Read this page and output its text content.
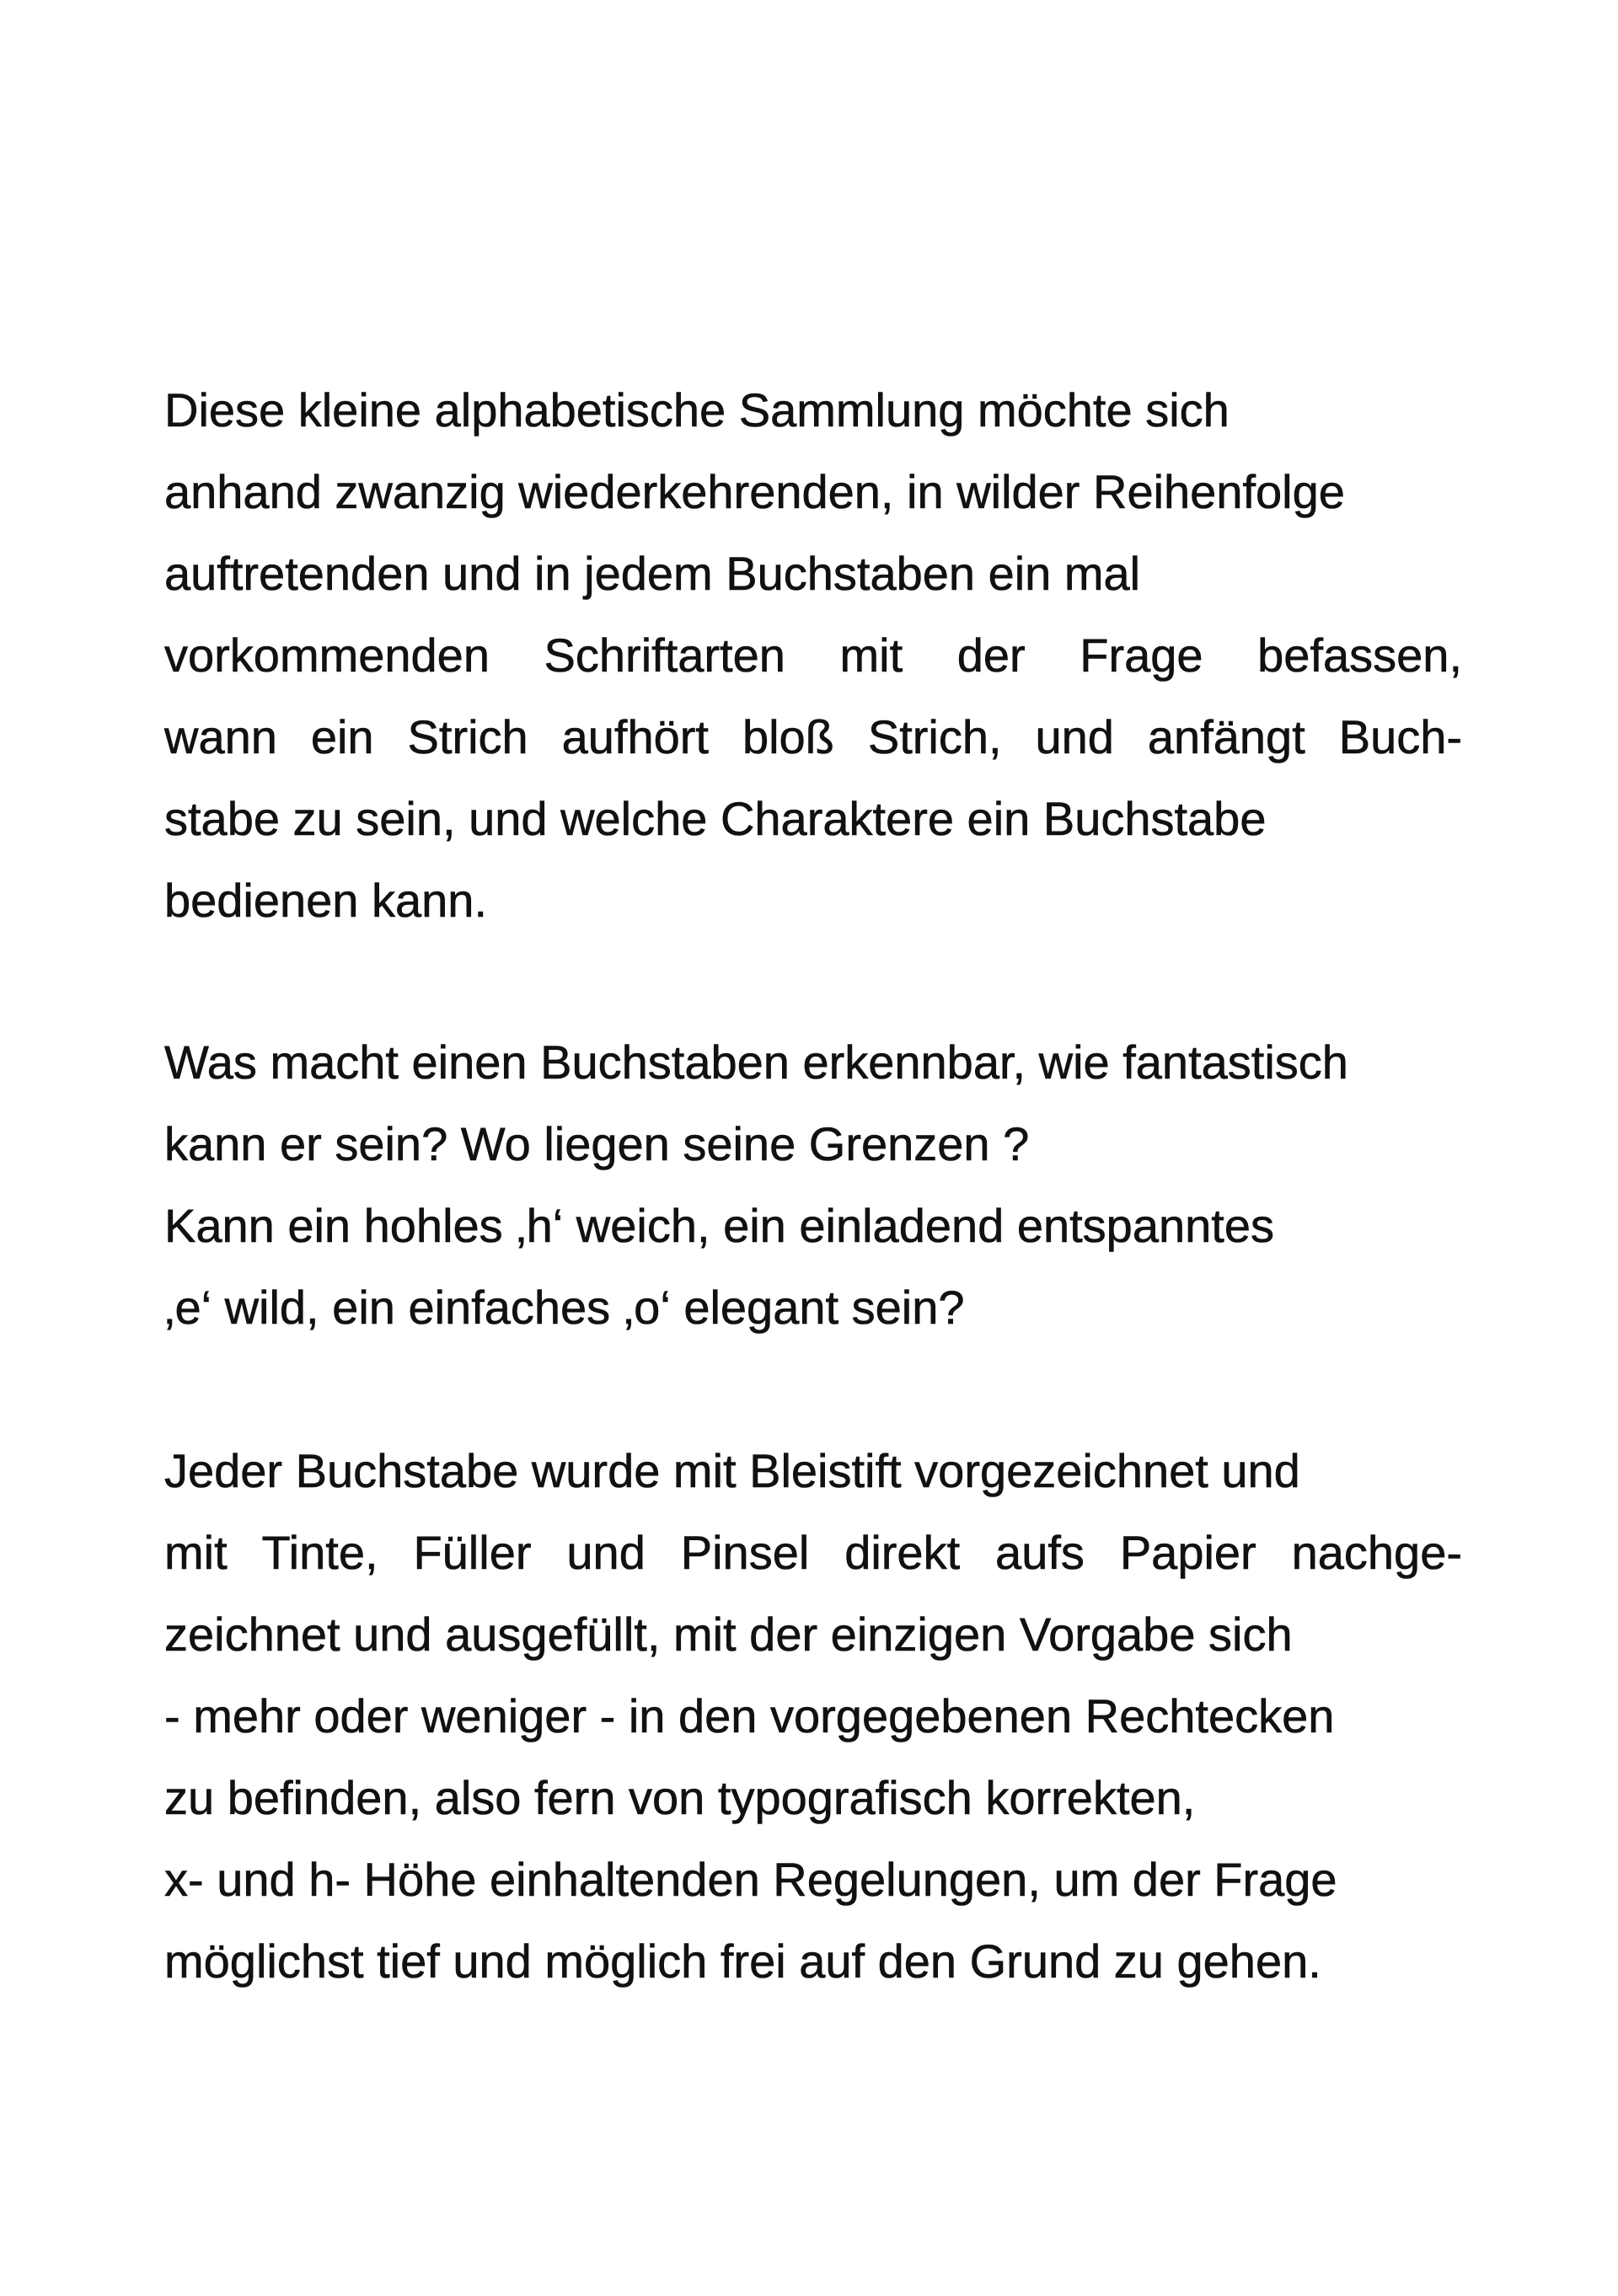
Diese kleine alphabetische Sammlung möchte sich
anhand zwanzig wiederkehrenden, in wilder Reihenfolge
auftretenden und in jedem Buchstaben ein mal
vorkommenden Schriftarten mit der Frage befassen,
wann ein Strich aufhört bloß Strich, und anfängt Buch-
stabe zu sein, und welche Charaktere ein Buchstabe
bedienen kann.
Was macht einen Buchstaben erkennbar, wie fantastisch
kann er sein? Wo liegen seine Grenzen ?
Kann ein hohles ‚h‘ weich, ein einladend entspanntes
‚e‘ wild, ein einfaches ‚o‘ elegant sein?
Jeder Buchstabe wurde mit Bleistift vorgezeichnet und
mit Tinte, Füller und Pinsel direkt aufs Papier nachge-
zeichnet und ausgefüllt, mit der einzigen Vorgabe sich
- mehr oder weniger - in den vorgegebenen Rechtecken
zu befinden, also fern von typografisch korrekten,
x- und h- Höhe einhaltenden Regelungen, um der Frage
möglichst tief und möglich frei auf den Grund zu gehen.
